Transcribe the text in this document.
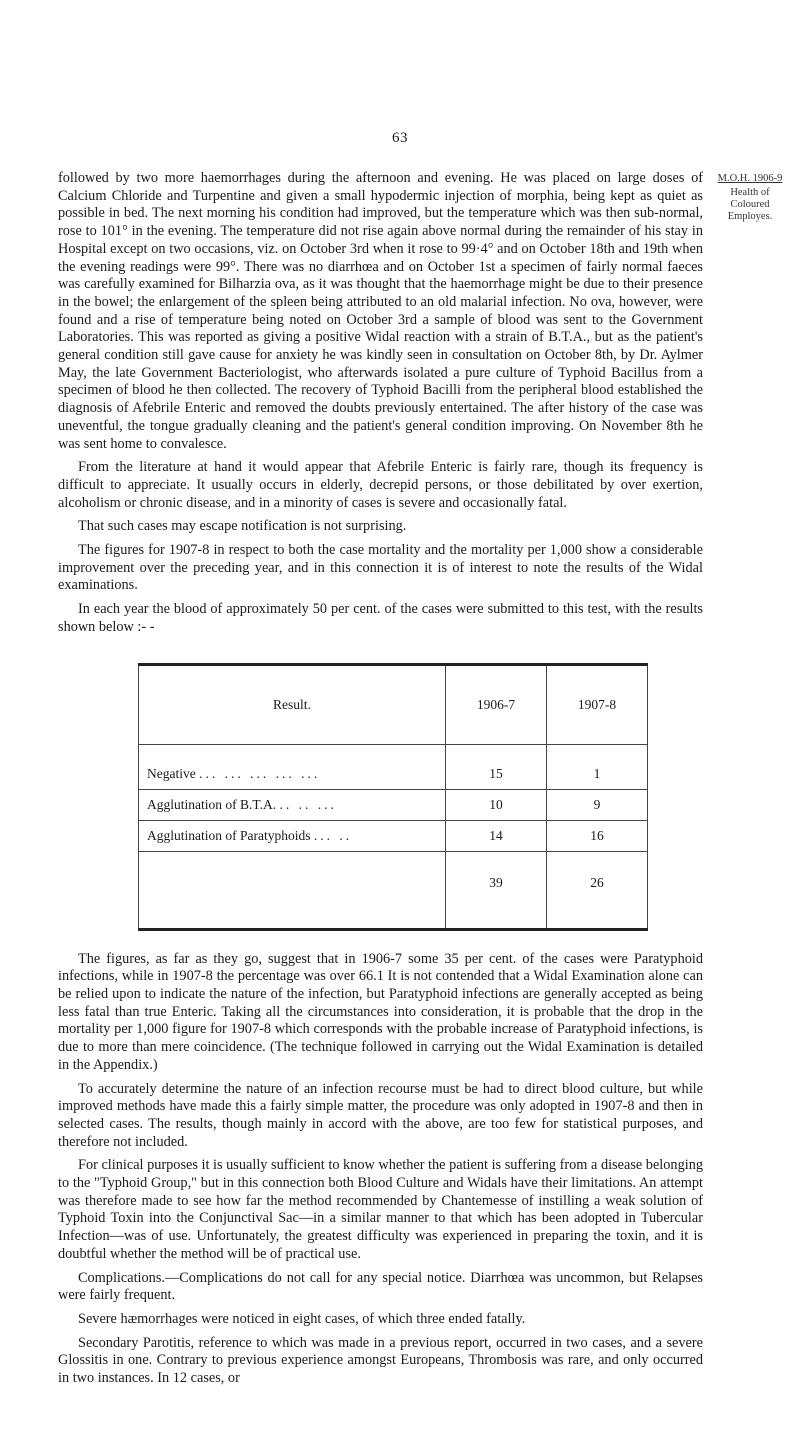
63
M.O.H. 1906-9
Health of
Coloured
Employes.

followed by two more haemorrhages during the afternoon and evening. He was placed on large doses of Calcium Chloride and Turpentine and given a small hypodermic injection of morphia, being kept as quiet as possible in bed. The next morning his condition had improved, but the temperature which was then sub-normal, rose to 101° in the evening. The temperature did not rise again above normal during the remainder of his stay in Hospital except on two occasions, viz. on October 3rd when it rose to 99·4° and on October 18th and 19th when the evening readings were 99°. There was no diarrhœa and on October 1st a specimen of fairly normal faeces was carefully examined for Bilharzia ova, as it was thought that the haemorrhage might be due to their presence in the bowel; the enlargement of the spleen being attributed to an old malarial infection. No ova, however, were found and a rise of temperature being noted on October 3rd a sample of blood was sent to the Government Laboratories. This was reported as giving a positive Widal reaction with a strain of B.T.A., but as the patient's general condition still gave cause for anxiety he was kindly seen in consultation on October 8th, by Dr. Aylmer May, the late Government Bacteriologist, who afterwards isolated a pure culture of Typhoid Bacillus from a specimen of blood he then collected. The recovery of Typhoid Bacilli from the peripheral blood established the diagnosis of Afebrile Enteric and removed the doubts previously entertained. The after history of the case was uneventful, the tongue gradually cleaning and the patient's general condition improving. On November 8th he was sent home to convalesce.

From the literature at hand it would appear that Afebrile Enteric is fairly rare, though its frequency is difficult to appreciate. It usually occurs in elderly, decrepid persons, or those debilitated by over exertion, alcoholism or chronic disease, and in a minority of cases is severe and occasionally fatal.

That such cases may escape notification is not surprising.

The figures for 1907-8 in respect to both the case mortality and the mortality per 1,000 show a considerable improvement over the preceding year, and in this connection it is of interest to note the results of the Widal examinations.

In each year the blood of approximately 50 per cent. of the cases were submitted to this test, with the results shown below :- -

Result.	1906-7	1907-8
Negative ... ... ... ... ...	15	1
Agglutination of B.T.A. .. .. ...	10	9
Agglutination of Paratyphoids ... ..	14	16
	39	26

The figures, as far as they go, suggest that in 1906-7 some 35 per cent. of the cases were Paratyphoid infections, while in 1907-8 the percentage was over 66.1 It is not contended that a Widal Examination alone can be relied upon to indicate the nature of the infection, but Paratyphoid infections are generally accepted as being less fatal than true Enteric. Taking all the circumstances into consideration, it is probable that the drop in the mortality per 1,000 figure for 1907-8 which corresponds with the probable increase of Paratyphoid infections, is due to more than mere coincidence. (The technique followed in carrying out the Widal Examination is detailed in the Appendix.)

To accurately determine the nature of an infection recourse must be had to direct blood culture, but while improved methods have made this a fairly simple matter, the procedure was only adopted in 1907-8 and then in selected cases. The results, though mainly in accord with the above, are too few for statistical purposes, and therefore not included.

For clinical purposes it is usually sufficient to know whether the patient is suffering from a disease belonging to the "Typhoid Group," but in this connection both Blood Culture and Widals have their limitations. An attempt was therefore made to see how far the method recommended by Chantemesse of instilling a weak solution of Typhoid Toxin into the Conjunctival Sac—in a similar manner to that which has been adopted in Tubercular Infection—was of use. Unfortunately, the greatest difficulty was experienced in preparing the toxin, and it is doubtful whether the method will be of practical use.

Complications.—Complications do not call for any special notice. Diarrhœa was uncommon, but Relapses were fairly frequent.

Severe hæmorrhages were noticed in eight cases, of which three ended fatally.

Secondary Parotitis, reference to which was made in a previous report, occurred in two cases, and a severe Glossitis in one. Contrary to previous experience amongst Europeans, Thrombosis was rare, and only occurred in two instances. In 12 cases, or
